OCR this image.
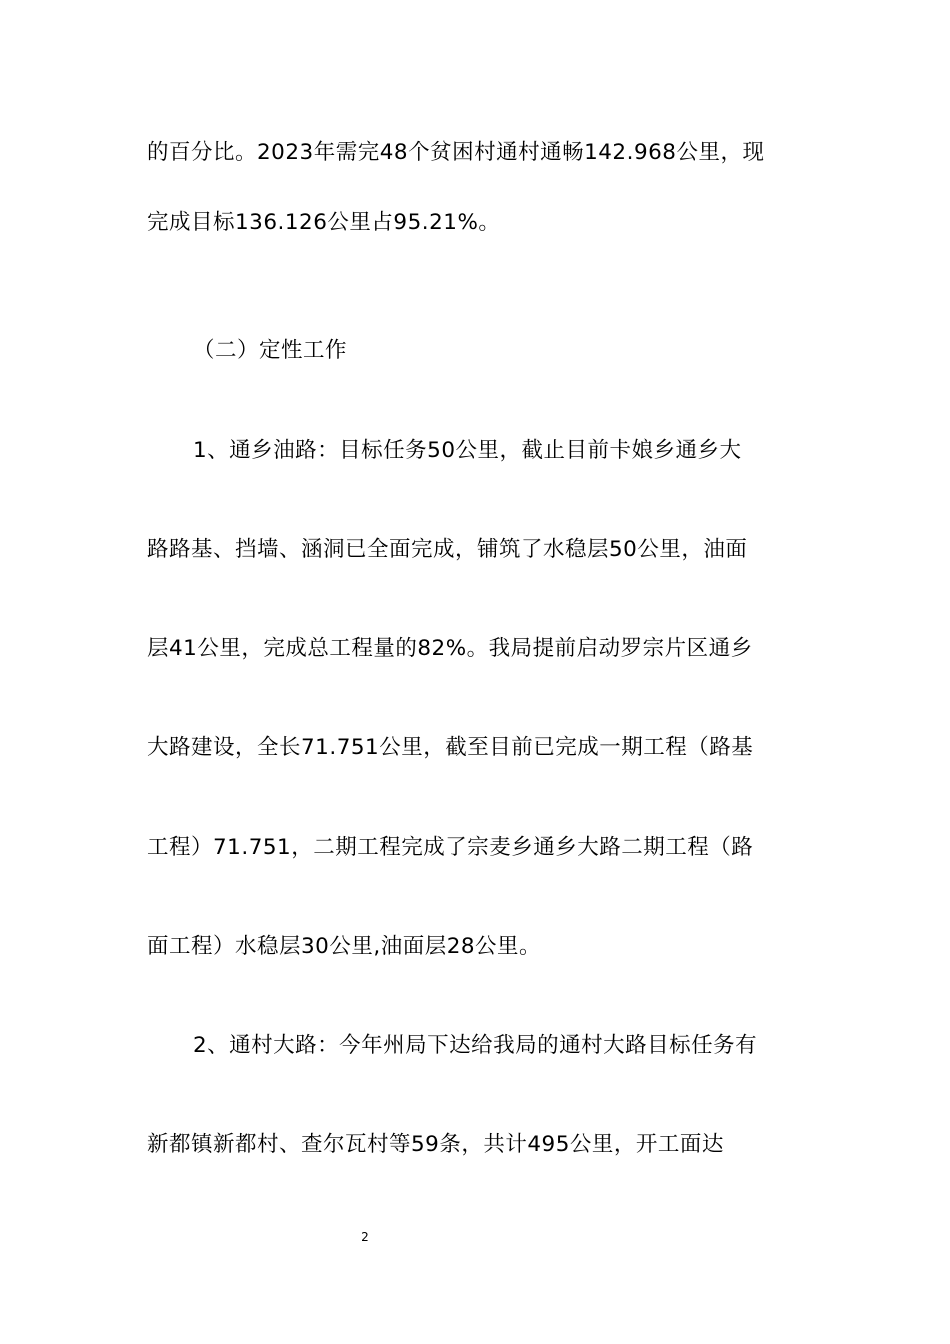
的百分比。2023年需完48个贫困村通村通畅142.968公里，现
完成目标136.126公里占95.21%。
（二）定性工作
1、通乡油路：目标任务50公里，截止目前卡娘乡通乡大
路路基、挡墙、涵洞已全面完成，铺筑了水稳层50公里，油面
层41公里，完成总工程量的82%。我局提前启动罗宗片区通乡
大路建设，全长71.751公里，截至目前已完成一期工程（路基
工程）71.751，二期工程完成了宗麦乡通乡大路二期工程（路
面工程）水稳层30公里,油面层28公里。
2、通村大路：今年州局下达给我局的通村大路目标任务有
新都镇新都村、查尔瓦村等59条，共计495公里，开工面达
2
